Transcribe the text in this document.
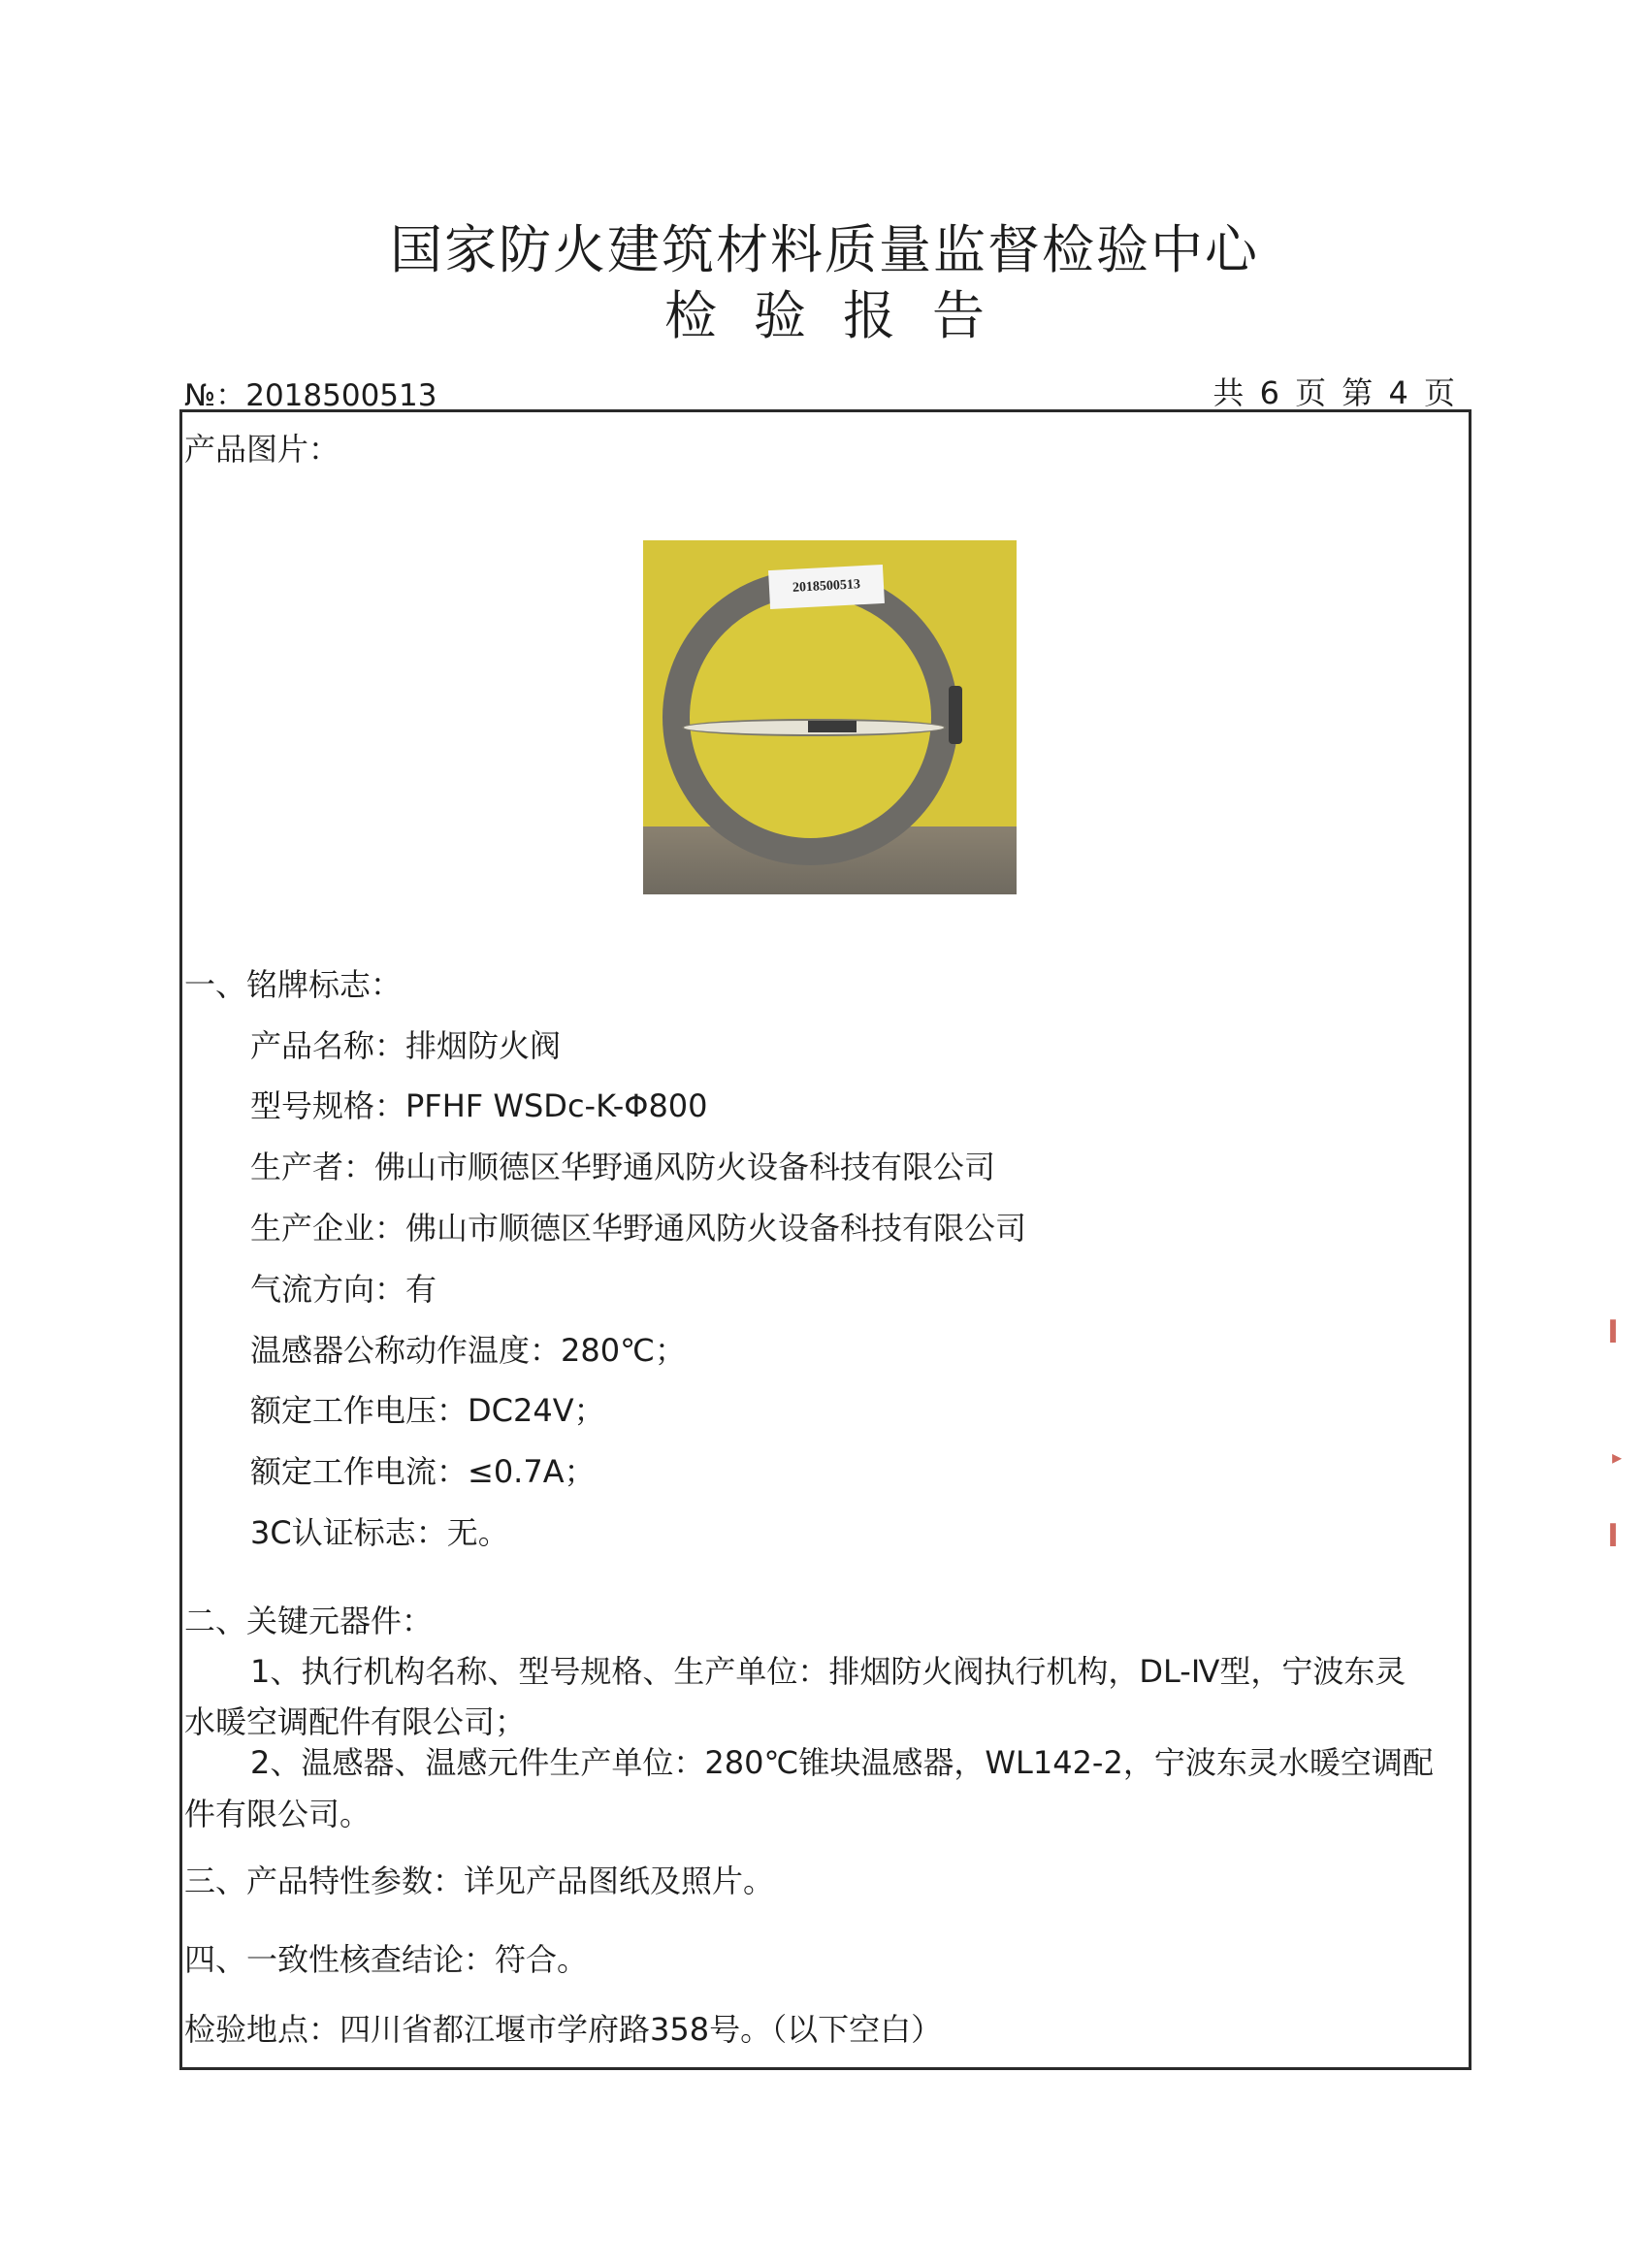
国家防火建筑材料质量监督检验中心
检验报告
№：2018500513	共 6 页 第 4 页
产品图片：
2018500513
一、铭牌标志：
产品名称：排烟防火阀
型号规格：PFHF WSDc-K-Φ800
生产者：佛山市顺德区华野通风防火设备科技有限公司
生产企业：佛山市顺德区华野通风防火设备科技有限公司
气流方向：有
温感器公称动作温度：280℃；
额定工作电压：DC24V；
额定工作电流：≤0.7A；
3C认证标志：无。
二、关键元器件：
1、执行机构名称、型号规格、生产单位：排烟防火阀执行机构，DL-Ⅳ型，宁波东灵
水暖空调配件有限公司；
2、温感器、温感元件生产单位：280℃锥块温感器，WL142-2，宁波东灵水暖空调配
件有限公司。
三、产品特性参数：详见产品图纸及照片。
四、一致性核查结论：符合。
检验地点：四川省都江堰市学府路358号。（以下空白）
▍
▸
▍
